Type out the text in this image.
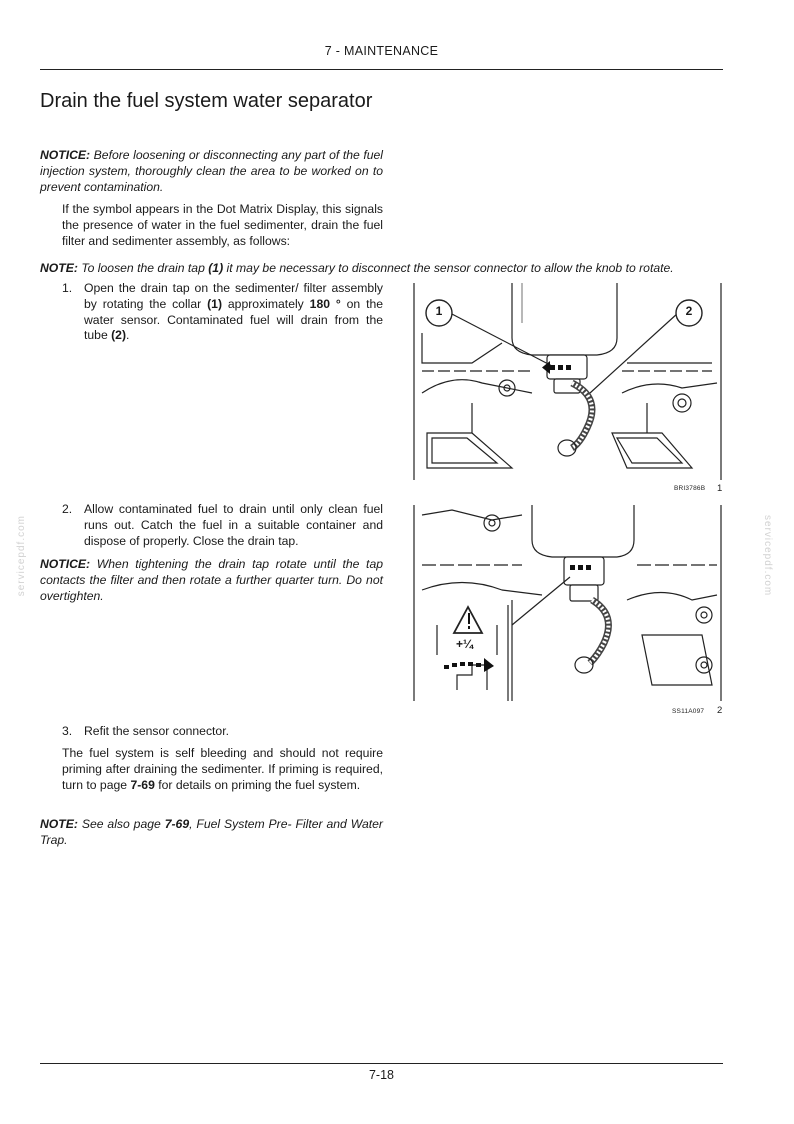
7 - MAINTENANCE
Drain the fuel system water separator
NOTICE: Before loosening or disconnecting any part of the fuel injection system, thoroughly clean the area to be worked on to prevent contamination.
If the symbol appears in the Dot Matrix Display, this signals the presence of water in the fuel sedimenter, drain the fuel filter and sedimenter assembly, as follows:
NOTE: To loosen the drain tap (1) it may be necessary to disconnect the sensor connector to allow the knob to rotate.
1. Open the drain tap on the sedimenter/ filter assembly by rotating the collar (1) approximately 180 ° on the water sensor. Contaminated fuel will drain from the tube (2).
1	2
BRI3786B 1
2. Allow contaminated fuel to drain until only clean fuel runs out. Catch the fuel in a suitable container and dispose of properly. Close the drain tap.
NOTICE: When tightening the drain tap rotate until the tap contacts the filter and then rotate a further quarter turn. Do not overtighten.
+¼
SS11A097 2
3. Refit the sensor connector.
The fuel system is self bleeding and should not require priming after draining the sedimenter. If priming is required, turn to page 7-69 for details on priming the fuel system.
NOTE: See also page 7-69, Fuel System Pre- Filter and Water Trap.
servicepdf.com	servicepdf.com
7-18
